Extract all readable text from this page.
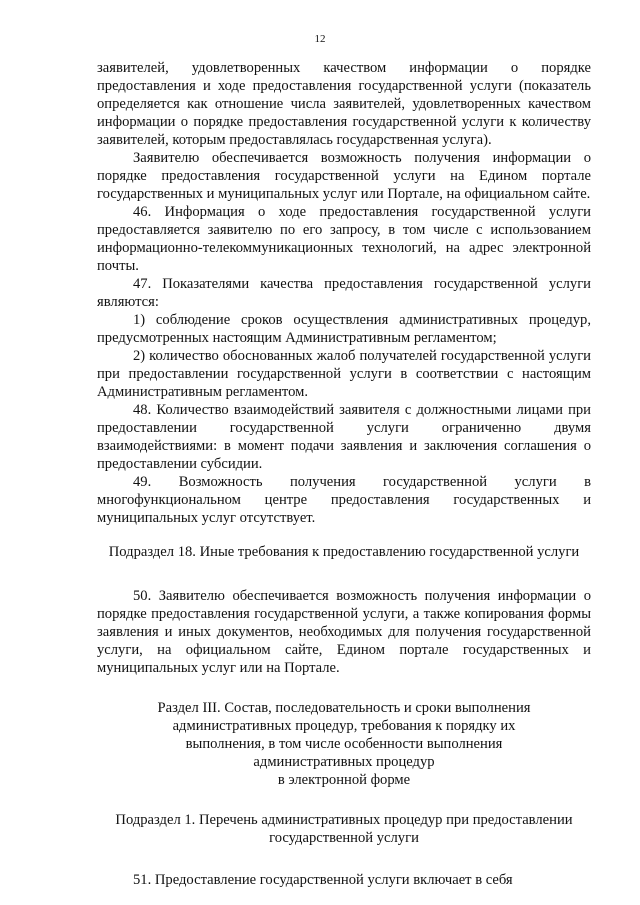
12

заявителей, удовлетворенных качеством информации о порядке предоставления и ходе предоставления государственной услуги (показатель определяется как отношение числа заявителей, удовлетворенных качеством информации о порядке предоставления государственной услуги к количеству заявителей, которым предоставлялась государственная услуга).

Заявителю обеспечивается возможность получения информации о порядке предоставления государственной услуги на Едином портале государственных и муниципальных услуг или Портале, на официальном сайте.

46. Информация о ходе предоставления государственной услуги предоставляется заявителю по его запросу, в том числе с использованием информационно-телекоммуникационных технологий, на адрес электронной почты.

47. Показателями качества предоставления государственной услуги являются:

1) соблюдение сроков осуществления административных процедур, предусмотренных настоящим Административным регламентом;

2) количество обоснованных жалоб получателей государственной услуги при предоставлении государственной услуги в соответствии с настоящим Административным регламентом.

48. Количество взаимодействий заявителя с должностными лицами при предоставлении государственной услуги ограниченно двумя взаимодействиями: в момент подачи заявления и заключения соглашения о предоставлении субсидии.

49. Возможность получения государственной услуги в многофункциональном центре предоставления государственных и муниципальных услуг отсутствует.

Подраздел 18. Иные требования к предоставлению государственной услуги

50. Заявителю обеспечивается возможность получения информации о порядке предоставления государственной услуги, а также копирования формы заявления и иных документов, необходимых для получения государственной услуги, на официальном сайте, Едином портале государственных и муниципальных услуг или на Портале.

Раздел III. Состав, последовательность и сроки выполнения

административных процедур, требования к порядку их

выполнения, в том числе особенности выполнения

административных процедур

в электронной форме

Подраздел 1. Перечень административных процедур при предоставлении

государственной услуги

51. Предоставление государственной услуги включает в себя
